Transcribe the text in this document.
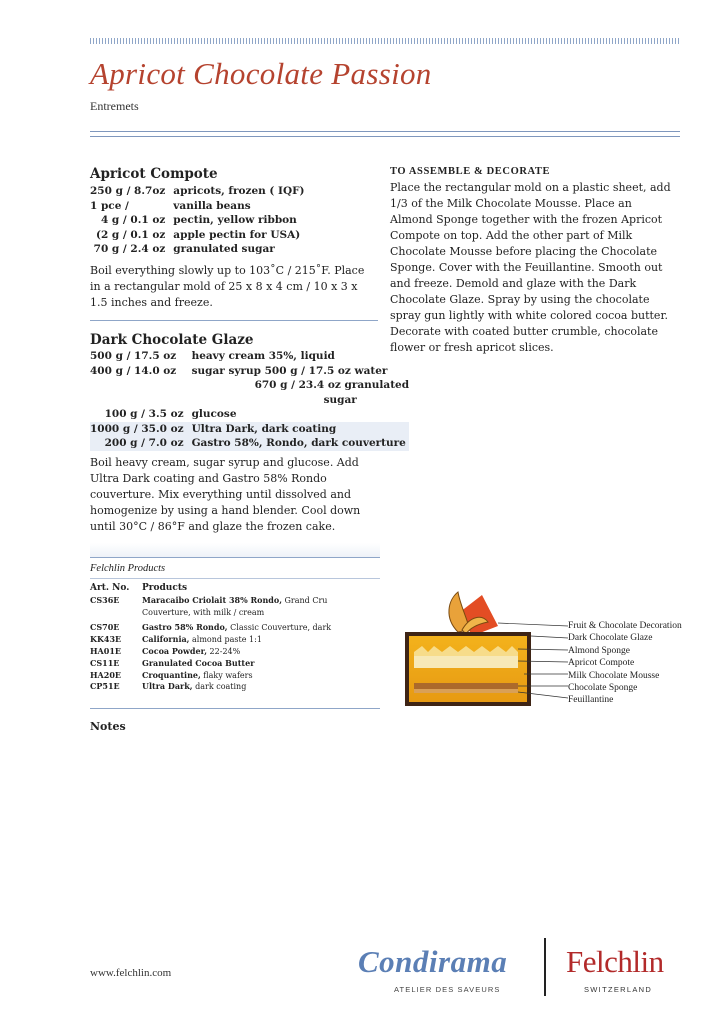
Apricot Chocolate Passion
Entremets
Apricot Compote
250 g / 8.7oz	apricots, frozen ( IQF)
1 pce /	vanilla beans
4 g / 0.1 oz	pectin, yellow ribbon
(2 g / 0.1 oz	apple pectin for USA)
70 g / 2.4 oz	granulated sugar
Boil everything slowly up to 103˚C / 215˚F. Place in a rectangular mold of 25 x 8 x 4 cm / 10 x 3 x 1.5 inches and freeze.
Dark Chocolate Glaze
500 g / 17.5 oz	heavy cream 35%, liquid
400 g / 14.0 oz	sugar syrup 500 g / 17.5 oz water
	670 g / 23.4 oz granulated
	sugar
100 g / 3.5 oz	glucose
1000 g / 35.0 oz	Ultra Dark, dark coating
200 g / 7.0 oz	Gastro 58%, Rondo, dark couverture
Boil heavy cream, sugar syrup and glucose. Add Ultra Dark coating and Gastro 58% Rondo couverture. Mix everything until dissolved and homogenize by using a hand blender. Cool down until 30°C / 86°F and glaze the frozen cake.
Felchlin Products
Art. No.	Products
CS36E	Maracaibo Criolait 38% Rondo, Grand Cru Couverture, with milk / cream
CS70E	Gastro 58% Rondo, Classic Couverture, dark
KK43E	California, almond paste 1:1
HA01E	Cocoa Powder, 22-24%
CS11E	Granulated Cocoa Butter
HA20E	Croquantine, flaky wafers
CP51E	Ultra Dark, dark coating
Notes
TO ASSEMBLE & DECORATE
Place the rectangular mold on a plastic sheet, add 1/3 of the Milk Chocolate Mousse. Place an Almond Sponge together with the frozen Apricot Compote on top. Add the other part of Milk Chocolate Mousse before placing the Chocolate Sponge. Cover with the Feuillantine. Smooth out and freeze. Demold and glaze with the Dark Chocolate Glaze. Spray by using the chocolate spray gun lightly with white colored cocoa butter. Decorate with coated butter crumble, chocolate flower or fresh apricot slices.
Fruit & Chocolate Decoration
Dark Chocolate Glaze
Almond Sponge
Apricot Compote
Milk Chocolate Mousse
Chocolate Sponge
Feuillantine
www.felchlin.com	Condirama
ATELIER DES SAVEURS
Felchlin
SWITZERLAND
